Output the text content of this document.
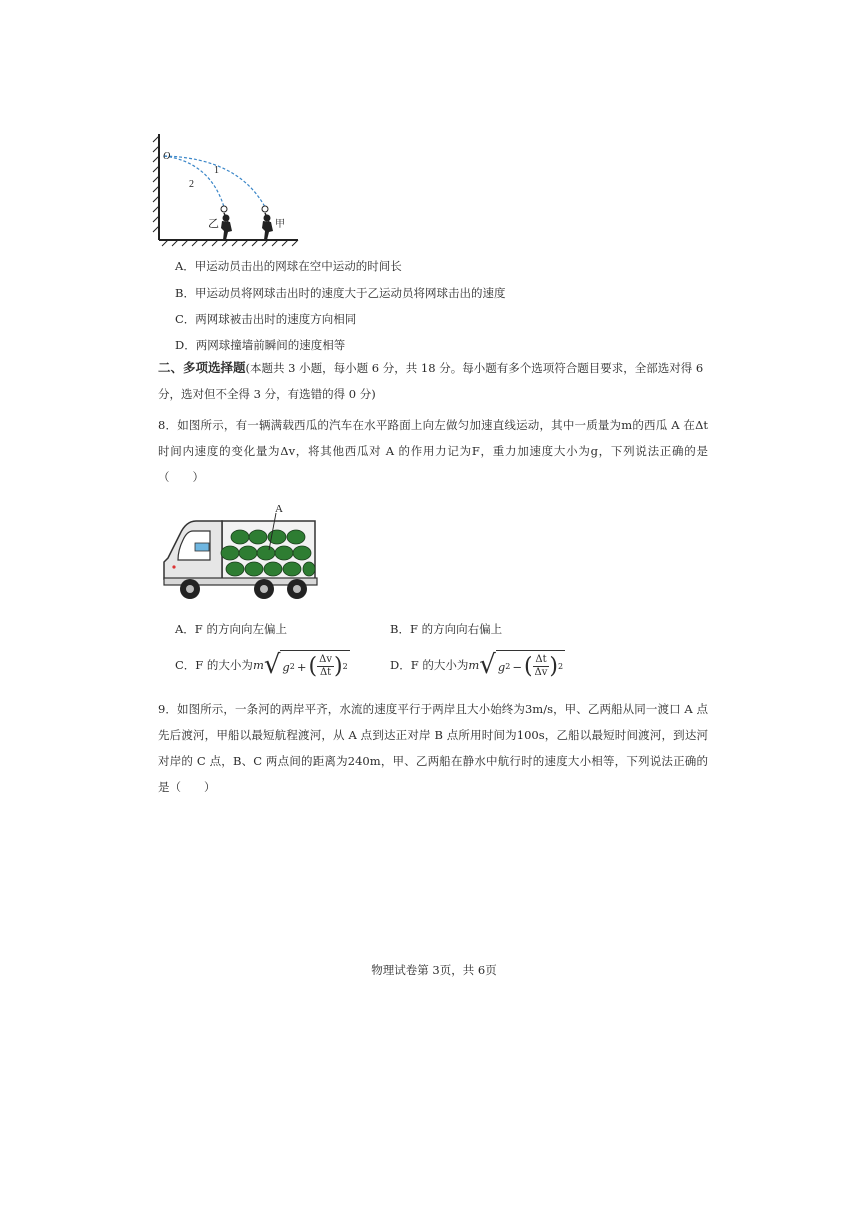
O
1
2
乙	甲
A．甲运动员击出的网球在空中运动的时间长
B．甲运动员将网球击出时的速度大于乙运动员将网球击出的速度
C．两网球被击出时的速度方向相同
D．两网球撞墙前瞬间的速度相等
二、多项选择题(本题共 3 小题，每小题 6 分，共 18 分。每小题有多个选项符合题目要求，全部选对得 6 分，选对但不全得 3 分，有选错的得 0 分)
8．如图所示，有一辆满载西瓜的汽车在水平路面上向左做匀加速直线运动，其中一质量为m的西瓜 A 在Δt时间内速度的变化量为Δv，将其他西瓜对 A 的作用力记为F，重力加速度大小为g，下列说法正确的是（　　）
A
A．F 的方向向左偏上	B．F 的方向向右偏上
C．F 的大小为 m √ g 2 + ( $\frac{\Delta v}{\Delta t}$ ) 2	D．F 的大小为 m √ g 2 − ( $\frac{\Delta t}{\Delta v}$ ) 2
9．如图所示，一条河的两岸平齐，水流的速度平行于两岸且大小始终为3m/s，甲、乙两船从同一渡口 A 点先后渡河，甲船以最短航程渡河，从 A 点到达正对岸 B 点所用时间为100s，乙船以最短时间渡河，到达河对岸的 C 点，B、C 两点间的距离为240m，甲、乙两船在静水中航行时的速度大小相等，下列说法正确的是（　　）
物理试卷第 3页，共 6页
